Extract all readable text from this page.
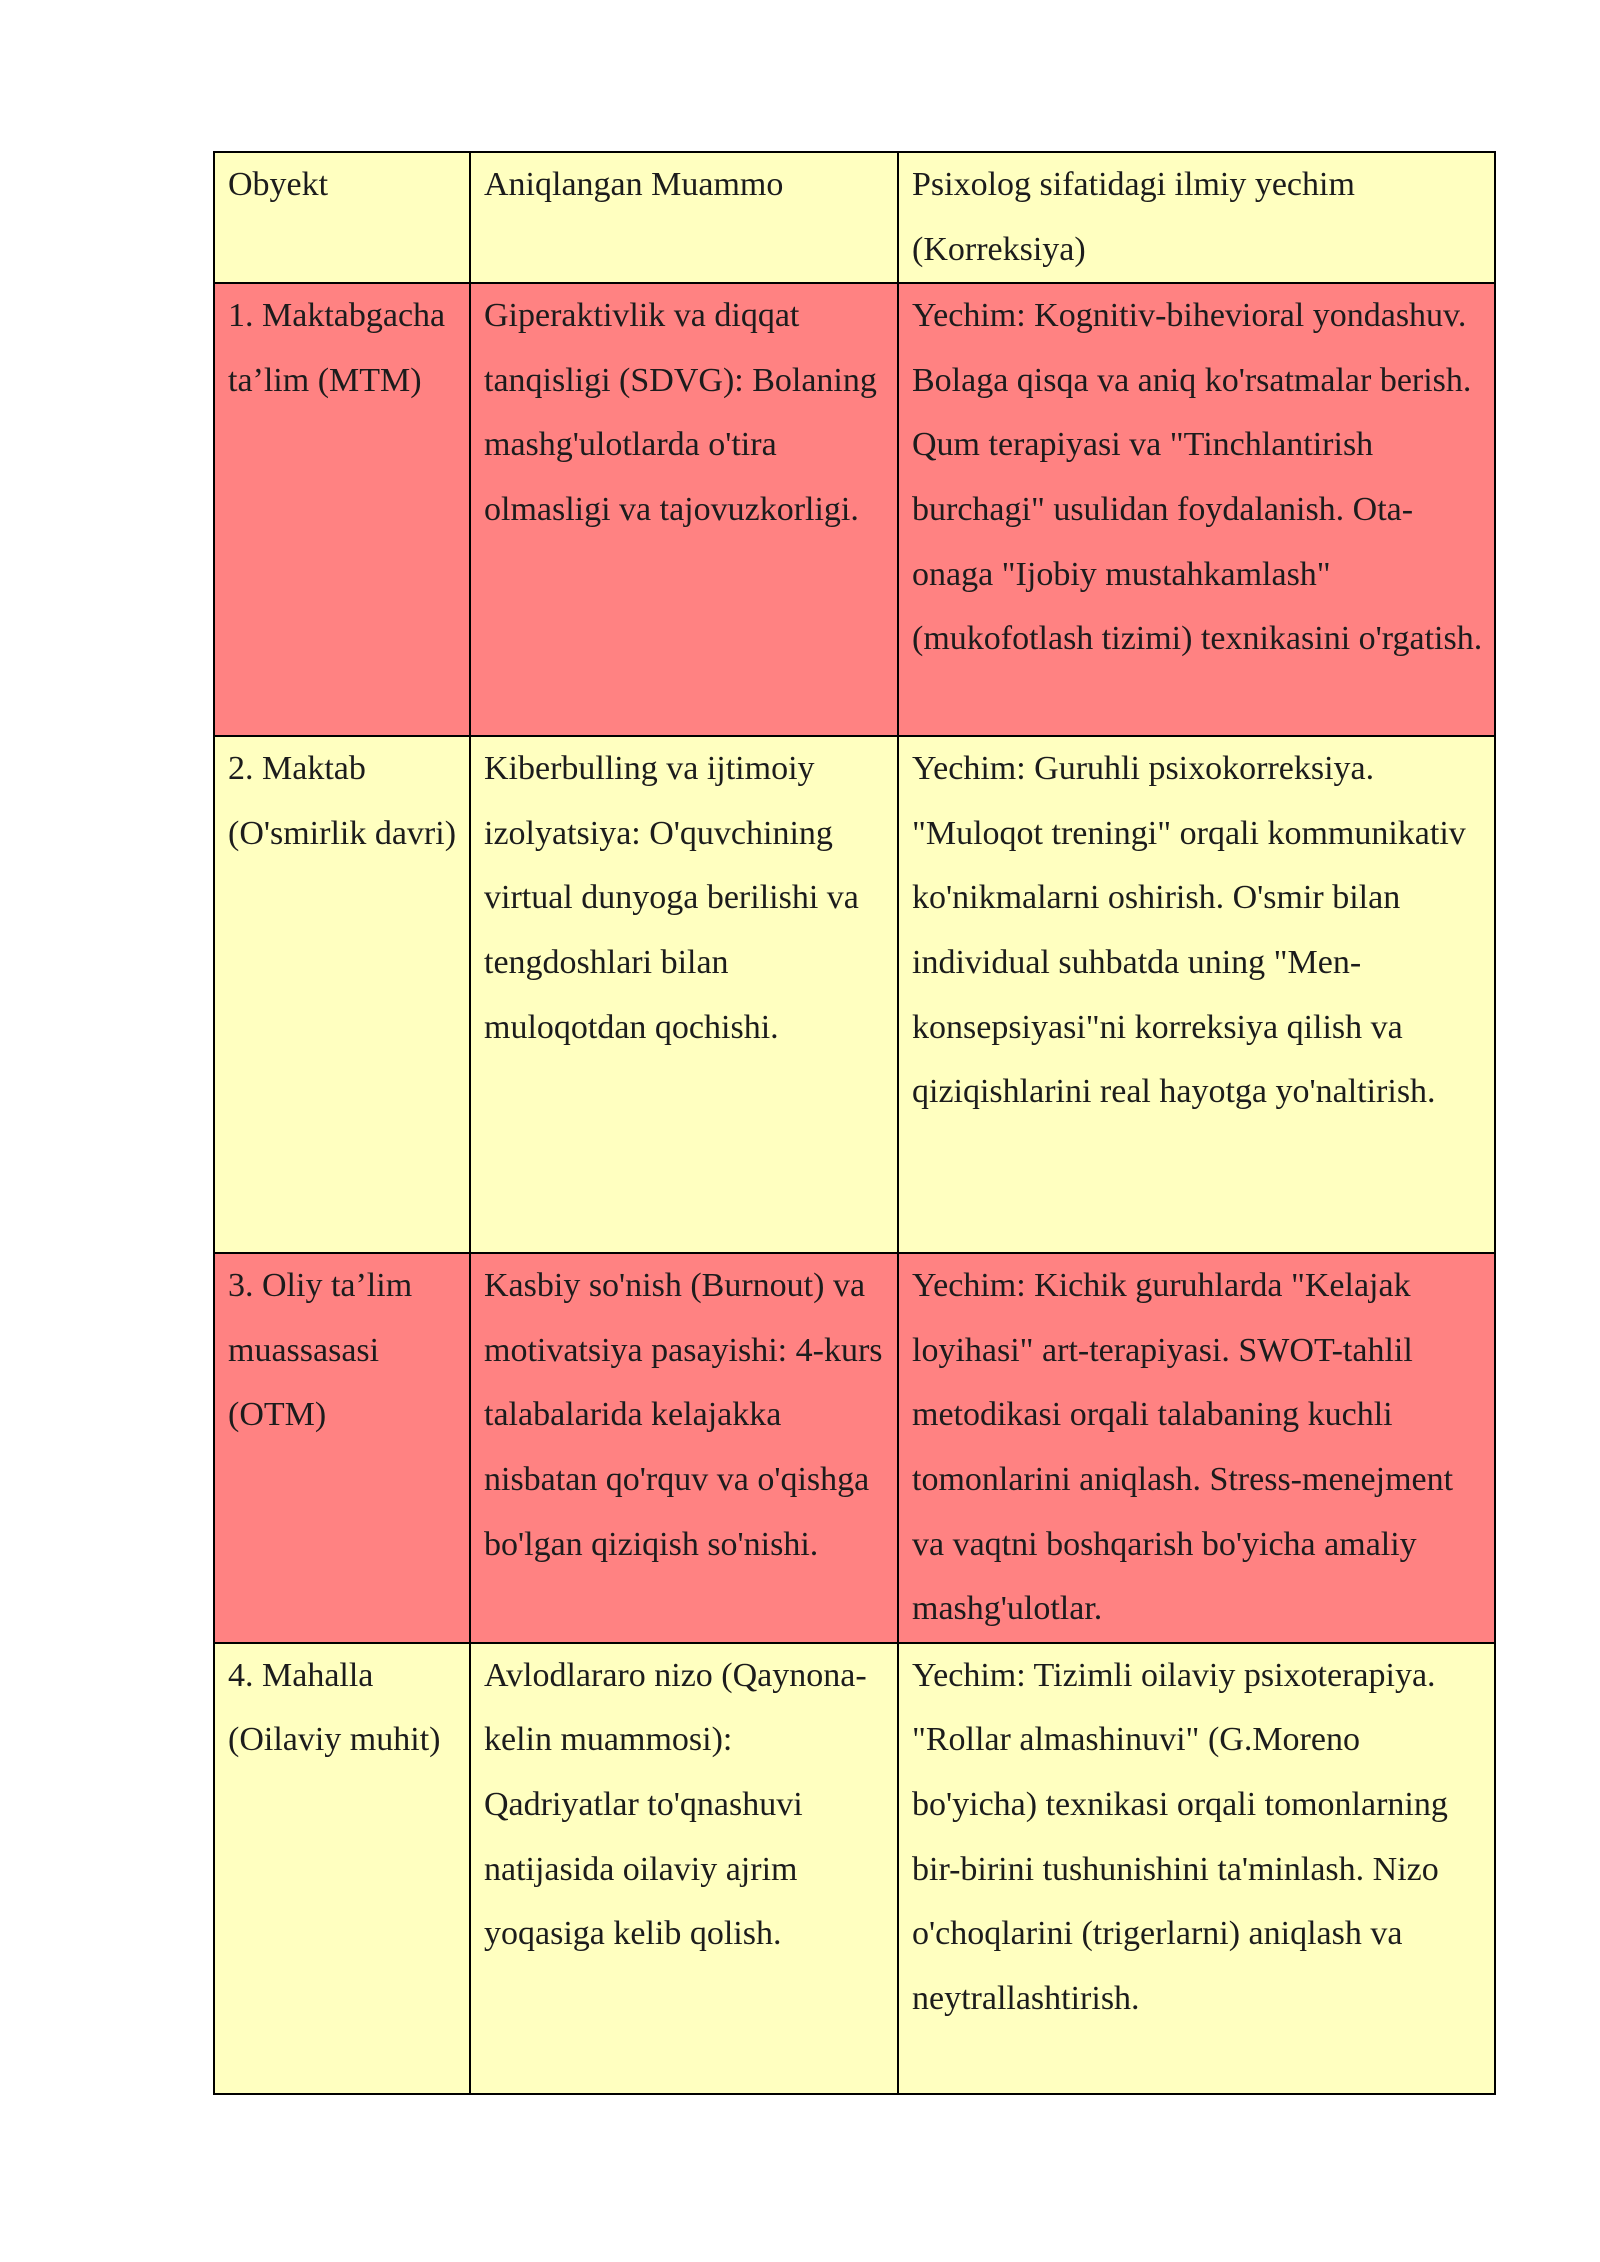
Obyekt	Aniqlangan Muammo	Psixolog sifatidagi ilmiy yechim (Korreksiya)
1. Maktabgacha ta’lim (MTM)	Giperaktivlik va diqqat tanqisligi (SDVG): Bolaning mashg'ulotlarda o'tira olmasligi va tajovuzkorligi.	Yechim: Kognitiv-bihevioral yondashuv. Bolaga qisqa va aniq ko'rsatmalar berish. Qum terapiyasi va "Tinchlantirish burchagi" usulidan foydalanish. Ota-onaga "Ijobiy mustahkamlash" (mukofotlash tizimi) texnikasini o'rgatish.
2. Maktab (O'smirlik davri)	Kiberbulling va ijtimoiy izolyatsiya: O'quvchining virtual dunyoga berilishi va tengdoshlari bilan muloqotdan qochishi.	Yechim: Guruhli psixokorreksiya. "Muloqot treningi" orqali kommunikativ ko'nikmalarni oshirish. O'smir bilan individual suhbatda uning "Men-konsepsiyasi"ni korreksiya qilish va qiziqishlarini real hayotga yo'naltirish.
3. Oliy ta’lim muassasasi (OTM)	Kasbiy so'nish (Burnout) va motivatsiya pasayishi: 4-kurs talabalarida kelajakka nisbatan qo'rquv va o'qishga bo'lgan qiziqish so'nishi.	Yechim: Kichik guruhlarda "Kelajak loyihasi" art-terapiyasi. SWOT-tahlil metodikasi orqali talabaning kuchli tomonlarini aniqlash. Stress-menejment va vaqtni boshqarish bo'yicha amaliy mashg'ulotlar.
4. Mahalla (Oilaviy muhit)	Avlodlararo nizo (Qaynona-kelin muammosi): Qadriyatlar to'qnashuvi natijasida oilaviy ajrim yoqasiga kelib qolish.	Yechim: Tizimli oilaviy psixoterapiya. "Rollar almashinuvi" (G.Moreno bo'yicha) texnikasi orqali tomonlarning bir-birini tushunishini ta'minlash. Nizo o'choqlarini (trigerlarni) aniqlash va neytrallashtirish.
